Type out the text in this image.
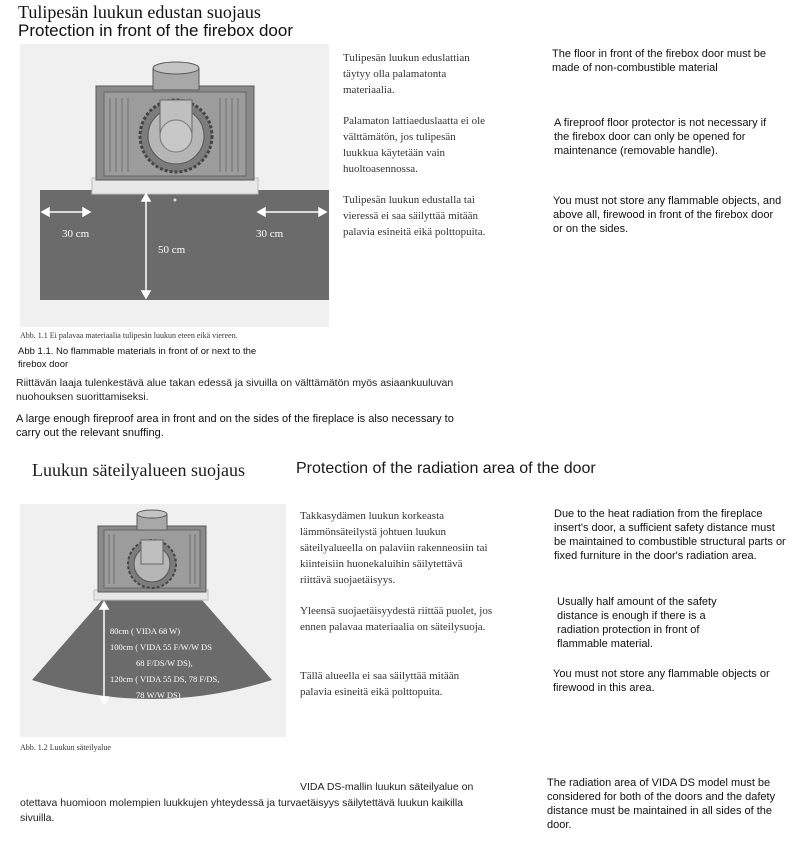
Tulipesän luukun edustan suojaus
Protection in front of the firebox door
30 cm	30 cm
50 cm
Abb. 1.1 Ei palavaa materiaalia tulipesän luukun eteen eikä viereen.
Abb 1.1. No flammable materials in front of or next to the
firebox door
Tulipesän luukun eduslattian täytyy olla palamatonta materiaalia.
Palamaton lattiaeduslaatta ei ole välttämätön, jos tulipesän luukkua käytetään vain huoltoasennossa.
Tulipesän luukun edustalla tai vieressä ei saa säilyttää mitään palavia esineitä eikä polttopuita.
The floor in front of the firebox door must be made of non-combustible material
A fireproof floor protector is not necessary if the firebox door can only be opened for maintenance (removable handle).
You must not store any flammable objects, and above all, firewood in front of the firebox door or on the sides.
Riittävän laaja tulenkestävä alue takan edessä ja sivuilla on välttämätön myös asiaankuuluvan nuohouksen suorittamiseksi.
A large enough fireproof area in front and on the sides of the fireplace is also necessary to carry out the relevant snuffing.
Luukun säteilyalueen suojaus	Protection of the radiation area of the door
80cm ( VIDA 68 W)
100cm ( VIDA 55 F/W/W DS
68 F/DS/W DS),
120cm ( VIDA 55 DS, 78 F/DS,
78 W/W DS)
Abb. 1.2 Luukun säteilyalue
Takkasydämen luukun korkeasta lämmönsäteilystä johtuen luukun säteilyalueella on palaviin rakenneosiin tai kiinteisiin huonekaluihin säilytettävä riittävä suojaetäisyys.
Yleensä suojaetäisyydestä riittää puolet, jos ennen palavaa materiaalia on säteilysuoja.
Tällä alueella ei saa säilyttää mitään palavia esineitä eikä polttopuita.
Due to the heat radiation from the fireplace insert's door, a sufficient safety distance must be maintained to combustible structural parts or fixed furniture in the door's radiation area.
Usually half amount of the safety distance is enough if there is a radiation protection in front of flammable material.
You must not store any flammable objects or firewood in this area.
VIDA DS-mallin luukun säteilyalue on
otettava huomioon molempien luukkujen yhteydessä ja turvaetäisyys säilytettävä luukun kaikilla
sivuilla.
The radiation area of VIDA DS model must be considered for both of the doors and the dafety distance must be maintained in all sides of the door.
